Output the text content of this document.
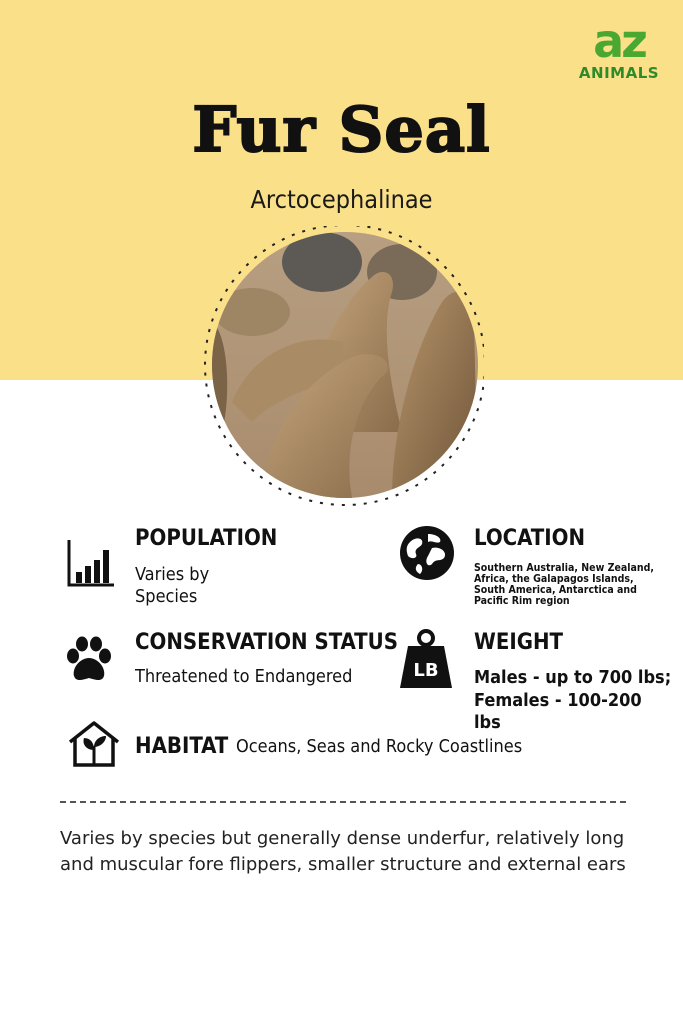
az
ANIMALS
Fur Seal
Arctocephalinae
POPULATION
Varies by Species
LOCATION
Southern Australia, New Zealand, Africa, the Galapagos Islands, South America, Antarctica and Pacific Rim region
CONSERVATION STATUS
Threatened to Endangered	LB
WEIGHT
Males - up to 700 lbs;
Females - 100-200 lbs
HABITAT Oceans, Seas and Rocky Coastlines
Varies by species but generally dense underfur, relatively long and muscular fore flippers, smaller structure and external ears
